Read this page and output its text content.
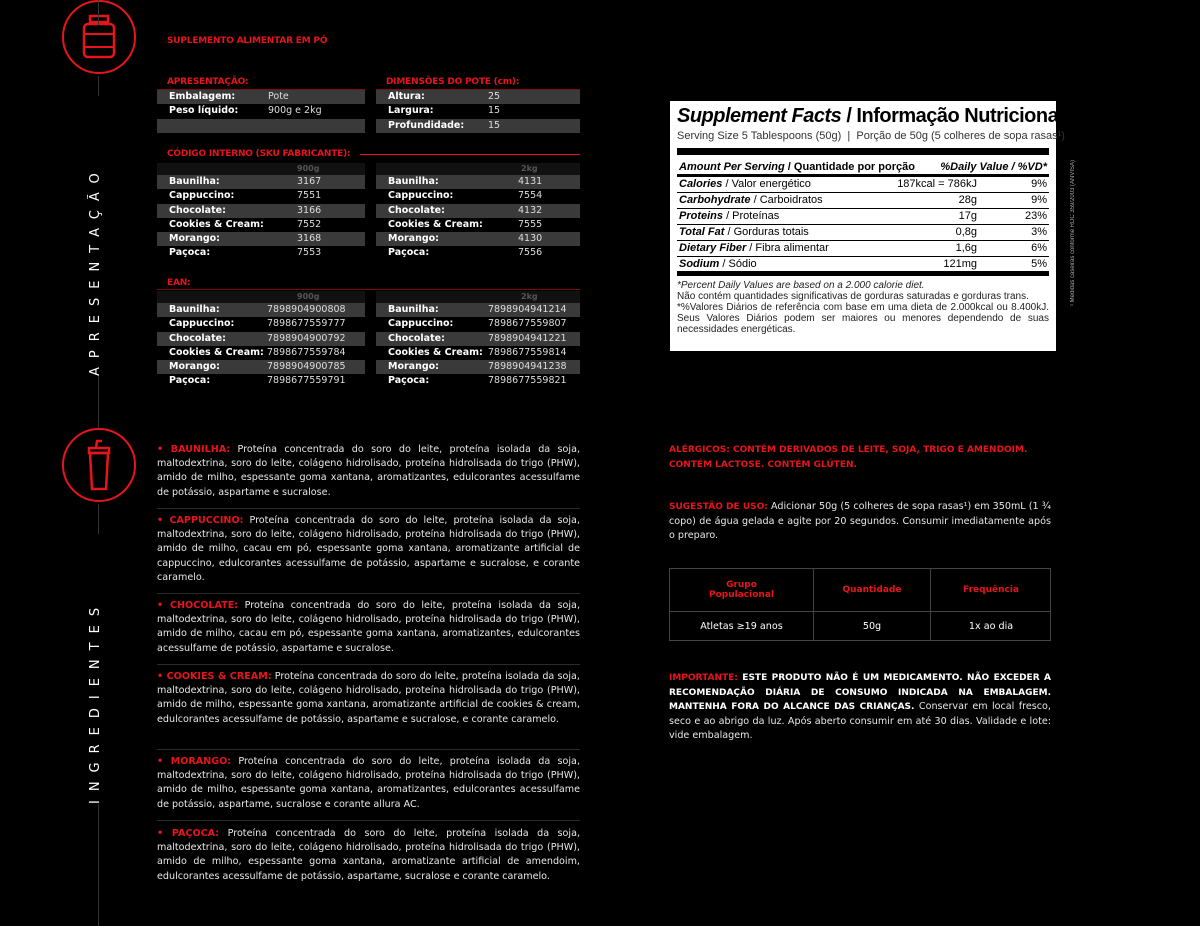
APRESENTAÇÃO
INGREDIENTES
SUPLEMENTO ALIMENTAR EM PÓ
APRESENTAÇÃO:
Embalagem:	Pote
Peso líquido:	900g e 2kg
DIMENSÕES DO POTE (cm):
Altura:	25
Largura:	15
Profundidade:	15
CÓDIGO INTERNO (SKU FABRICANTE):
900g
Baunilha:	3167
Cappuccino:	7551
Chocolate:	3166
Cookies & Cream:	7552
Morango:	3168
Paçoca:	7553
2kg
Baunilha:	4131
Cappuccino:	7554
Chocolate:	4132
Cookies & Cream:	7555
Morango:	4130
Paçoca:	7556
EAN:
900g
Baunilha:	7898904900808
Cappuccino:	7898677559777
Chocolate:	7898904900792
Cookies & Cream: 7898677559784
Morango:	7898904900785
Paçoca:	7898677559791
2kg
Baunilha:	7898904941214
Cappuccino:	7898677559807
Chocolate:	7898904941221
Cookies & Cream: 7898677559814
Morango:	7898904941238
Paçoca:	7898677559821
• BAUNILHA: Proteína concentrada do soro do leite, proteína isolada da soja, maltodextrina, soro do leite, colágeno hidrolisado, proteína hidrolisada do trigo (PHW), amido de milho, espessante goma xantana, aromatizantes, edulcorantes acessulfame de potássio, aspartame e sucralose.
• CAPPUCCINO: Proteína concentrada do soro do leite, proteína isolada da soja, maltodextrina, soro do leite, colágeno hidrolisado, proteína hidrolisada do trigo (PHW), amido de milho, cacau em pó, espessante goma xantana, aromatizante artificial de cappuccino, edulcorantes acessulfame de potássio, aspartame e sucralose, e corante caramelo.
• CHOCOLATE: Proteína concentrada do soro do leite, proteína isolada da soja, maltodextrina, soro do leite, colágeno hidrolisado, proteína hidrolisada do trigo (PHW), amido de milho, cacau em pó, espessante goma xantana, aromatizantes, edulcorantes acessulfame de potássio, aspartame e sucralose.
• COOKIES & CREAM: Proteína concentrada do soro do leite, proteína isolada da soja, maltodextrina, soro do leite, colágeno hidrolisado, proteína hidrolisada do trigo (PHW), amido de milho, espessante goma xantana, aromatizante artificial de cookies & cream, edulcorantes acessulfame de potássio, aspartame e sucralose, e corante caramelo.
• MORANGO: Proteína concentrada do soro do leite, proteína isolada da soja, maltodextrina, soro do leite, colágeno hidrolisado, proteína hidrolisada do trigo (PHW), amido de milho, espessante goma xantana, aromatizantes, edulcorantes acessulfame de potássio, aspartame, sucralose e corante allura AC.
• PAÇOCA: Proteína concentrada do soro do leite, proteína isolada da soja, maltodextrina, soro do leite, colágeno hidrolisado, proteína hidrolisada do trigo (PHW), amido de milho, espessante goma xantana, aromatizante artificial de amendoim, edulcorantes acessulfame de potássio, aspartame, sucralose e corante caramelo.
Supplement Facts / Informação Nutricional
Serving Size 5 Tablespoons (50g) | Porção de 50g (5 colheres de sopa rasas¹)
Amount Per Serving / Quantidade por porção	%Daily Value / %VD*
Calories / Valor energético	187kcal = 786kJ	9%
Carbohydrate / Carboidratos	28g	9%
Proteins / Proteínas	17g	23%
Total Fat / Gorduras totais	0,8g	3%
Dietary Fiber / Fibra alimentar	1,6g	6%
Sodium / Sódio	121mg	5%
*Percent Daily Values are based on a 2.000 calorie diet.
Não contém quantidades significativas de gorduras saturadas e gorduras trans.
*%Valores Diários de referência com base em uma dieta de 2.000kcal ou 8.400kJ. Seus Valores Diários podem ser maiores ou menores dependendo de suas necessidades energéticas.
¹ Medidas caseiras conforme RDC 359/2003 (ANVISA)
ALÉRGICOS: CONTÉM DERIVADOS DE LEITE, SOJA, TRIGO E AMENDOIM. CONTÉM LACTOSE. CONTÉM GLÚTEN.
SUGESTÃO DE USO: Adicionar 50g (5 colheres de sopa rasas¹) em 350mL (1 ¾ copo) de água gelada e agite por 20 segundos. Consumir imediatamente após o preparo.
Grupo Populacional	Quantidade	Frequência
Atletas ≥19 anos	50g	1x ao dia
IMPORTANTE: ESTE PRODUTO NÃO É UM MEDICAMENTO. NÃO EXCEDER A RECOMENDAÇÃO DIÁRIA DE CONSUMO INDICADA NA EMBALAGEM. MANTENHA FORA DO ALCANCE DAS CRIANÇAS. Conservar em local fresco, seco e ao abrigo da luz. Após aberto consumir em até 30 dias. Validade e lote: vide embalagem.
